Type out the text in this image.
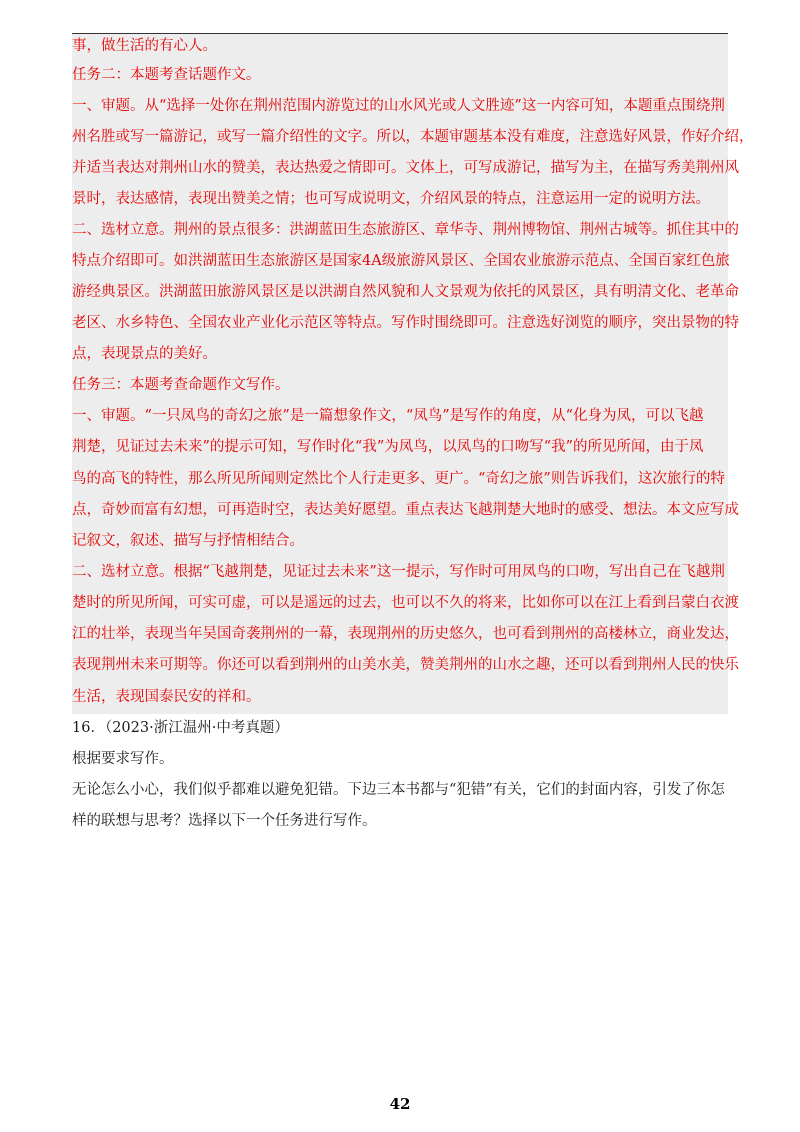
事，做生活的有心人。
任务二：本题考查话题作文。
一、审题。从“选择一处你在荆州范围内游览过的山水风光或人文胜迹”这一内容可知，本题重点围绕荆
州名胜或写一篇游记，或写一篇介绍性的文字。所以，本题审题基本没有难度，注意选好风景，作好介绍，
并适当表达对荆州山水的赞美，表达热爱之情即可。文体上，可写成游记，描写为主，在描写秀美荆州风
景时，表达感情，表现出赞美之情；也可写成说明文，介绍风景的特点，注意运用一定的说明方法。
二、选材立意。荆州的景点很多：洪湖蓝田生态旅游区、章华寺、荆州博物馆、荆州古城等。抓住其中的
特点介绍即可。如洪湖蓝田生态旅游区是国家4A级旅游风景区、全国农业旅游示范点、全国百家红色旅
游经典景区。洪湖蓝田旅游风景区是以洪湖自然风貌和人文景观为依托的风景区，具有明清文化、老革命
老区、水乡特色、全国农业产业化示范区等特点。写作时围绕即可。注意选好浏览的顺序，突出景物的特
点，表现景点的美好。
任务三：本题考查命题作文写作。
一、审题。“一只凤鸟的奇幻之旅”是一篇想象作文，“凤鸟”是写作的角度，从“化身为凤，可以飞越
荆楚，见证过去未来”的提示可知，写作时化“我”为凤鸟，以凤鸟的口吻写“我”的所见所闻，由于凤
鸟的高飞的特性，那么所见所闻则定然比个人行走更多、更广。“奇幻之旅”则告诉我们，这次旅行的特
点，奇妙而富有幻想，可再造时空，表达美好愿望。重点表达飞越荆楚大地时的感受、想法。本文应写成
记叙文，叙述、描写与抒情相结合。
二、选材立意。根据“飞越荆楚，见证过去未来”这一提示，写作时可用凤鸟的口吻，写出自己在飞越荆
楚时的所见所闻，可实可虚，可以是遥远的过去，也可以不久的将来，比如你可以在江上看到吕蒙白衣渡
江的壮举，表现当年吴国奇袭荆州的一幕，表现荆州的历史悠久，也可看到荆州的高楼林立，商业发达，
表现荆州未来可期等。你还可以看到荆州的山美水美，赞美荆州的山水之趣，还可以看到荆州人民的快乐
生活，表现国泰民安的祥和。
16．（2023·浙江温州·中考真题）
根据要求写作。
无论怎么小心，我们似乎都难以避免犯错。下边三本书都与“犯错”有关，它们的封面内容，引发了你怎
样的联想与思考？选择以下一个任务进行写作。
42
